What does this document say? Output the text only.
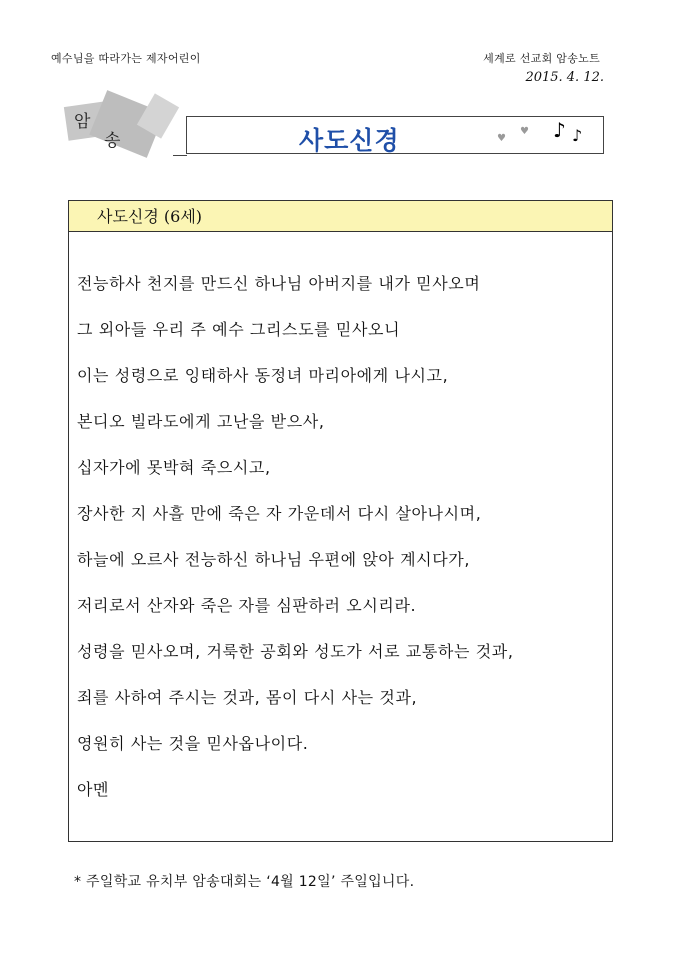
예수님을 따라가는 제자어린이	세계로 선교회 암송노트
2015. 4. 12.
암
송	사도신경	♥
♥ ♪ ♪
사도신경 (6세)
전능하사 천지를 만드신 하나님 아버지를 내가 믿사오며
그 외아들 우리 주 예수 그리스도를 믿사오니
이는 성령으로 잉태하사 동정녀 마리아에게 나시고,
본디오 빌라도에게 고난을 받으사,
십자가에 못박혀 죽으시고,
장사한 지 사흘 만에 죽은 자 가운데서 다시 살아나시며,
하늘에 오르사 전능하신 하나님 우편에 앉아 계시다가,
저리로서 산자와 죽은 자를 심판하러 오시리라.
성령을 믿사오며, 거룩한 공회와 성도가 서로 교통하는 것과,
죄를 사하여 주시는 것과, 몸이 다시 사는 것과,
영원히 사는 것을 믿사옵나이다.
아멘
* 주일학교 유치부 암송대회는 ‘4월 12일’ 주일입니다.
